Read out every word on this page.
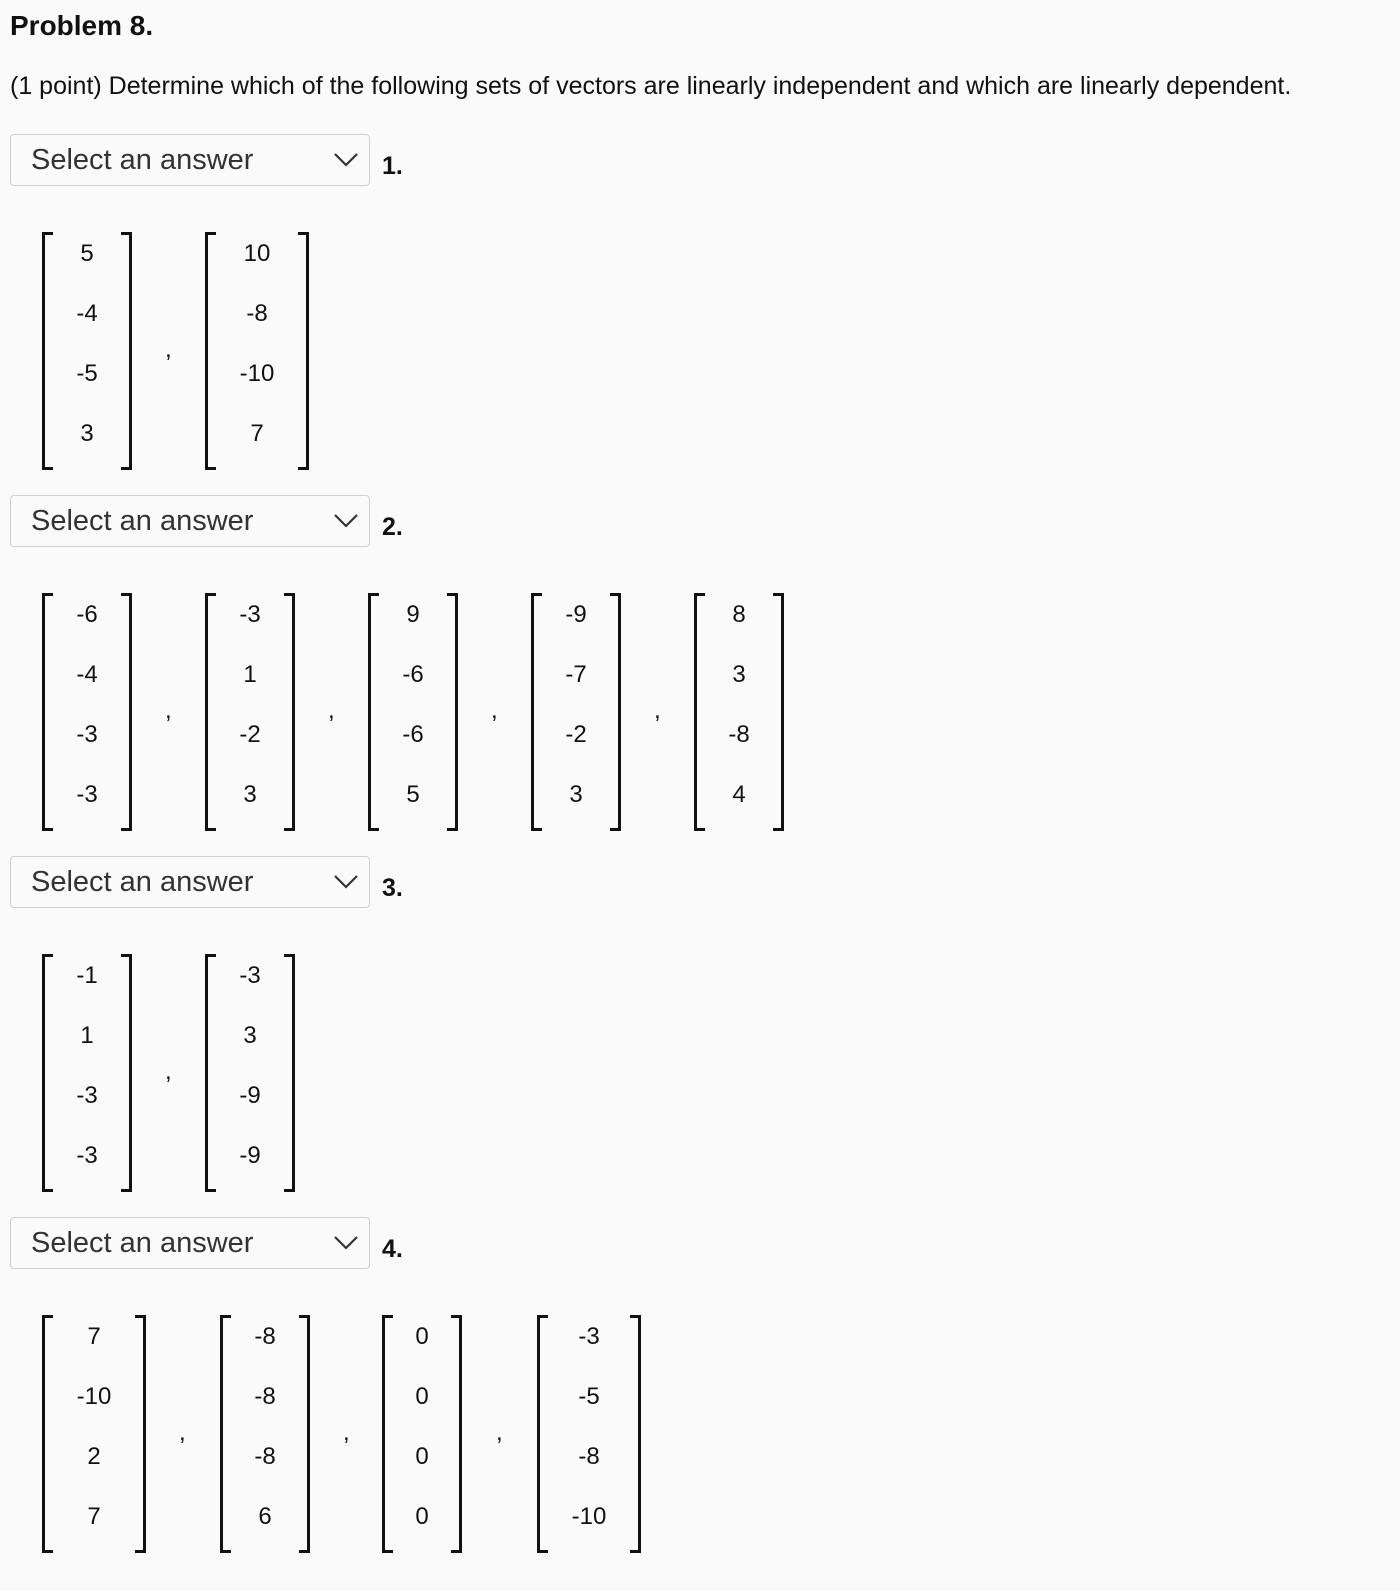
Problem 8.

(1 point) Determine which of the following sets of vectors are linearly independent and which are linearly dependent.

Select an answer	1.
5
-4
-5
3
,
10
-8
-10
7
Select an answer	2.
-6
-4
-3
-3
,
-3
1
-2
3
,
9
-6
-6
5
,
-9
-7
-2
3
,
8
3
-8
4
Select an answer	3.
-1
1
-3
-3
,
-3
3
-9
-9
Select an answer	4.
7
-10
2
7
,
-8
-8
-8
6
,
0
0
0
0
,
-3
-5
-8
-10
